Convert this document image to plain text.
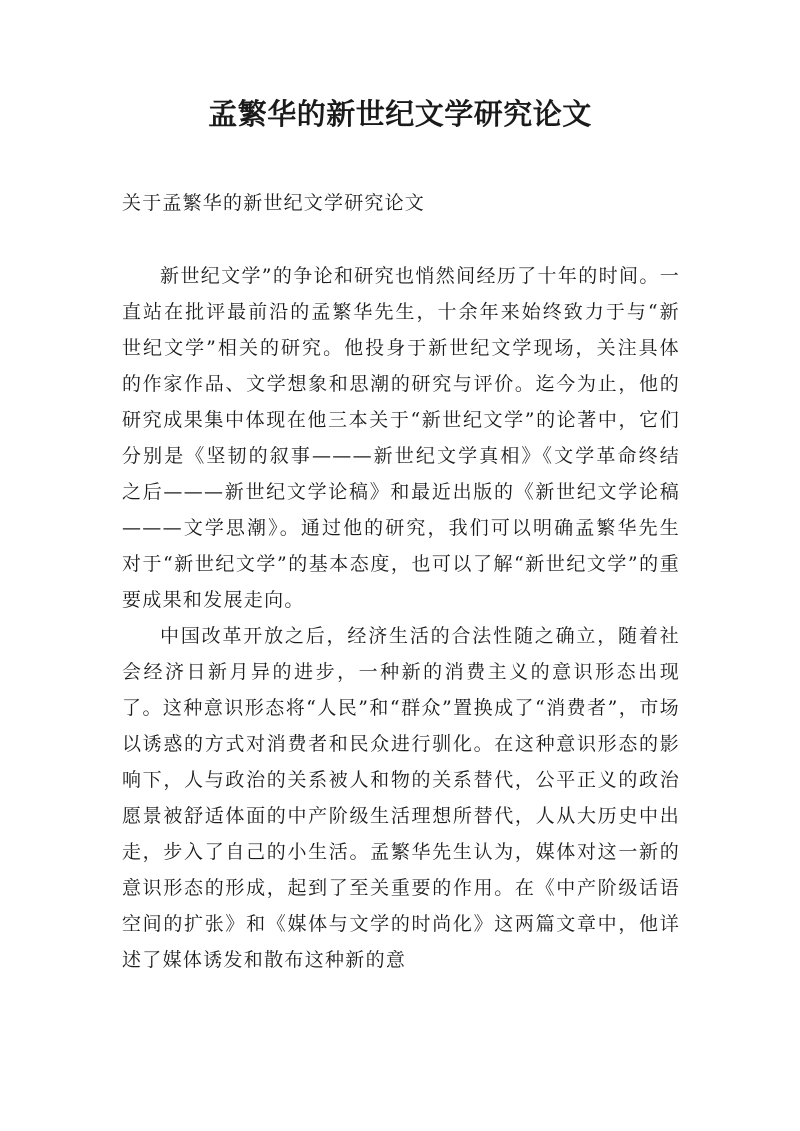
孟繁华的新世纪文学研究论文

关于孟繁华的新世纪文学研究论文

新世纪文学”的争论和研究也悄然间经历了十年的时间。一直站在批评最前沿的孟繁华先生，十余年来始终致力于与“新世纪文学”相关的研究。他投身于新世纪文学现场，关注具体的作家作品、文学想象和思潮的研究与评价。迄今为止，他的研究成果集中体现在他三本关于“新世纪文学”的论著中，它们分别是《坚韧的叙事———新世纪文学真相》《文学革命终结之后———新世纪文学论稿》和最近出版的《新世纪文学论稿———文学思潮》。通过他的研究，我们可以明确孟繁华先生对于“新世纪文学”的基本态度，也可以了解“新世纪文学”的重要成果和发展走向。

中国改革开放之后，经济生活的合法性随之确立，随着社会经济日新月异的进步，一种新的消费主义的意识形态出现了。这种意识形态将“人民”和“群众”置换成了“消费者”，市场以诱惑的方式对消费者和民众进行驯化。在这种意识形态的影响下，人与政治的关系被人和物的关系替代，公平正义的政治愿景被舒适体面的中产阶级生活理想所替代，人从大历史中出走，步入了自己的小生活。孟繁华先生认为，媒体对这一新的意识形态的形成，起到了至关重要的作用。在《中产阶级话语空间的扩张》和《媒体与文学的时尚化》这两篇文章中，他详述了媒体诱发和散布这种新的意
